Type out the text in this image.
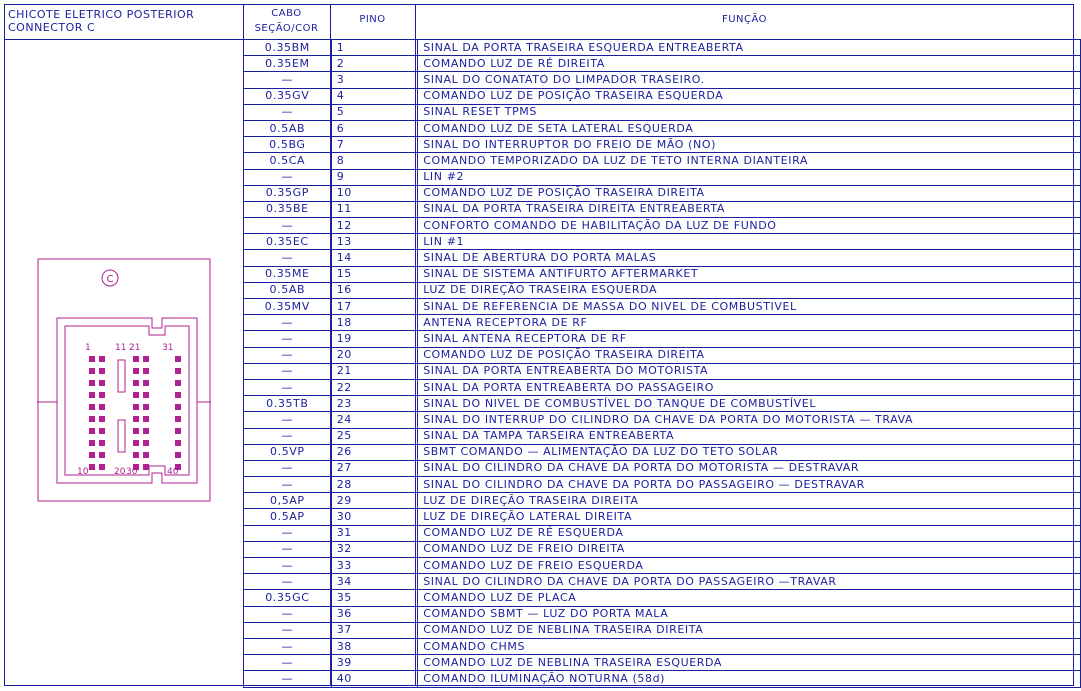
CHICOTE ELETRICO POSTERIOR
CONNECTOR C
CABO
SEÇÃO/COR
PINO	FUNÇÃO
0.35BM	1	SINAL DA PORTA TRASEIRA ESQUERDA ENTREABERTA
0.35EM	2	COMANDO LUZ DE RÉ DIREITA
—	3	SINAL DO CONATATO DO LIMPADOR TRASEIRO.
0.35GV	4	COMANDO LUZ DE POSIÇÃO TRASEIRA ESQUERDA
—	5	SINAL RESET TPMS
0.5AB	6	COMANDO LUZ DE SETA LATERAL ESQUERDA
0.5BG	7	SINAL DO INTERRUPTOR DO FREIO DE MÃO (NO)
0.5CA	8	COMANDO TEMPORIZADO DA LUZ DE TETO INTERNA DIANTEIRA
—	9	LIN #2
0.35GP	10	COMANDO LUZ DE POSIÇÃO TRASEIRA DIREITA
0.35BE	11	SINAL DA PORTA TRASEIRA DIREITA ENTREABERTA
—	12	CONFORTO COMANDO DE HABILITAÇÃO DA LUZ DE FUNDO
0.35EC	13	LIN #1
—	14	SINAL DE ABERTURA DO PORTA MALAS
0.35ME	15	SINAL DE SISTEMA ANTIFURTO AFTERMARKET
0.5AB	16	LUZ DE DIREÇÃO TRASEIRA ESQUERDA
0.35MV	17	SINAL DE REFERENCIA DE MASSA DO NIVEL DE COMBUSTIVEL
—	18	ANTENA RECEPTORA DE RF
—	19	SINAL ANTENA RECEPTORA DE RF
—	20	COMANDO LUZ DE POSIÇÃO TRASEIRA DIREITA
—	21	SINAL DA PORTA ENTREABERTA DO MOTORISTA
—	22	SINAL DA PORTA ENTREABERTA DO PASSAGEIRO
0.35TB	23	SINAL DO NIVEL DE COMBUSTÍVEL DO TANQUE DE COMBUSTÍVEL
—	24	SINAL DO INTERRUP DO CILINDRO DA CHAVE DA PORTA DO MOTORISTA — TRAVA
—	25	SINAL DA TAMPA TARSEIRA ENTREABERTA
0.5VP	26	SBMT COMANDO — ALIMENTAÇÃO DA LUZ DO TETO SOLAR
—	27	SINAL DO CILINDRO DA CHAVE DA PORTA DO MOTORISTA — DESTRAVAR
—	28	SINAL DO CILINDRO DA CHAVE DA PORTA DO PASSAGEIRO — DESTRAVAR
0,5AP	29	LUZ DE DIREÇÃO TRASEIRA DIREITA
0.5AP	30	LUZ DE DIREÇÃO LATERAL DIREITA
—	31	COMANDO LUZ DE RÉ ESQUERDA
—	32	COMANDO LUZ DE FREIO DIREITA
—	33	COMANDO LUZ DE FREIO ESQUERDA
—	34	SINAL DO CILINDRO DA CHAVE DA PORTA DO PASSAGEIRO —TRAVAR
0.35GC	35	COMANDO LUZ DE PLACA
—	36	COMANDO SBMT — LUZ DO PORTA MALA
—	37	COMANDO LUZ DE NEBLINA TRASEIRA DIREITA
—	38	COMANDO CHMS
—	39	COMANDO LUZ DE NEBLINA TRASEIRA ESQUERDA
—	40	COMANDO ILUMINAÇÃO NOTURNA (58d)
C
1	11 21 31
10	20 30	40
